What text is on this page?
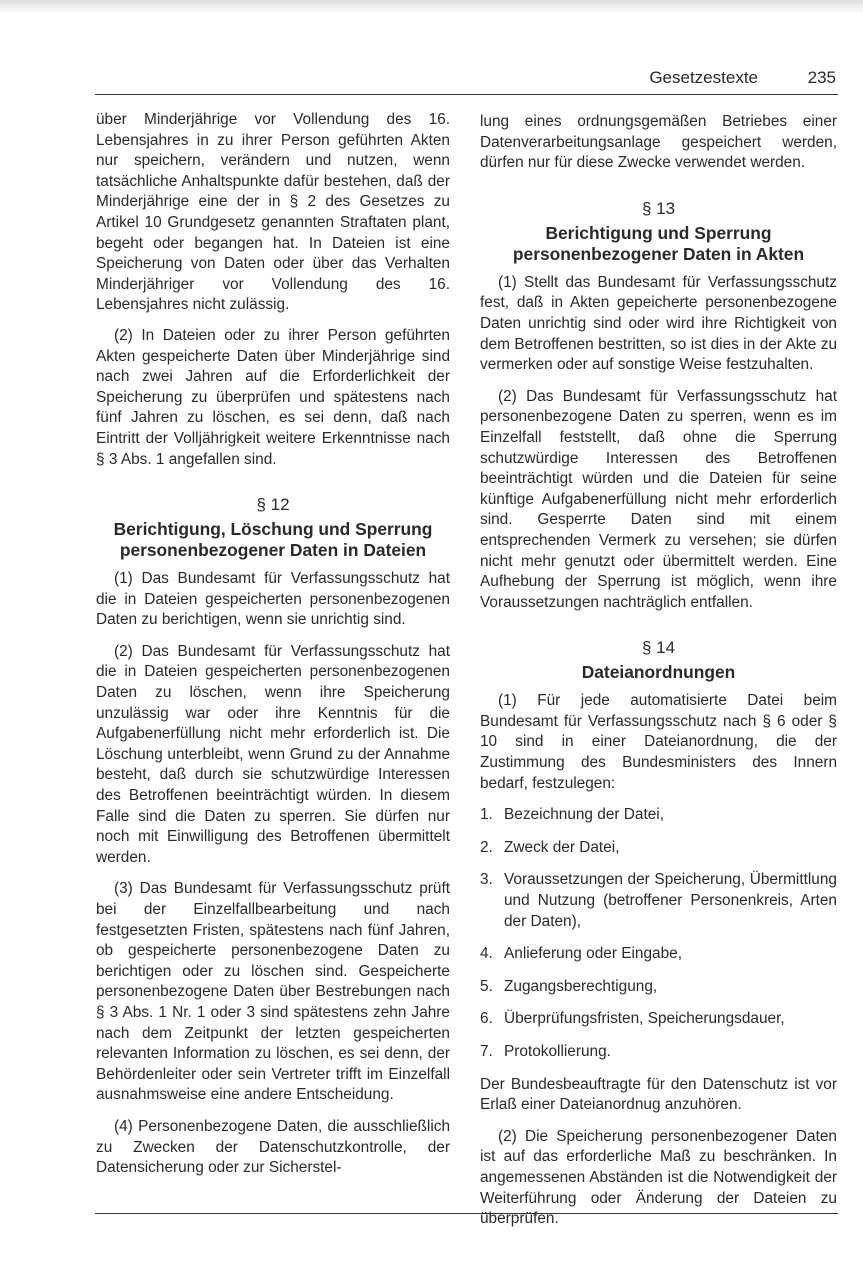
Gesetzestexte	235

über Minderjährige vor Vollendung des 16. Lebensjahres in zu ihrer Person geführten Akten nur speichern, verändern und nutzen, wenn tatsächliche Anhaltspunkte dafür bestehen, daß der Minderjährige eine der in § 2 des Gesetzes zu Artikel 10 Grundgesetz genannten Straftaten plant, begeht oder begangen hat. In Dateien ist eine Speicherung von Daten oder über das Verhalten Minderjähriger vor Vollendung des 16. Lebensjahres nicht zulässig.

(2) In Dateien oder zu ihrer Person geführten Akten gespeicherte Daten über Minderjährige sind nach zwei Jahren auf die Erforderlichkeit der Speicherung zu überprüfen und spätestens nach fünf Jahren zu löschen, es sei denn, daß nach Eintritt der Volljährigkeit weitere Erkenntnisse nach § 3 Abs. 1 angefallen sind.

§ 12
Berichtigung, Löschung und Sperrung personenbezogener Daten in Dateien

(1) Das Bundesamt für Verfassungsschutz hat die in Dateien gespeicherten personenbezogenen Daten zu berichtigen, wenn sie unrichtig sind.

(2) Das Bundesamt für Verfassungsschutz hat die in Dateien gespeicherten personenbezogenen Daten zu löschen, wenn ihre Speicherung unzulässig war oder ihre Kenntnis für die Aufgabenerfüllung nicht mehr erforderlich ist. Die Löschung unterbleibt, wenn Grund zu der Annahme besteht, daß durch sie schutzwürdige Interessen des Betroffenen beeinträchtigt würden. In diesem Falle sind die Daten zu sperren. Sie dürfen nur noch mit Einwilligung des Betroffenen übermittelt werden.

(3) Das Bundesamt für Verfassungsschutz prüft bei der Einzelfallbearbeitung und nach festgesetzten Fristen, spätestens nach fünf Jahren, ob gespeicherte personenbezogene Daten zu berichtigen oder zu löschen sind. Gespeicherte personenbezogene Daten über Bestrebungen nach § 3 Abs. 1 Nr. 1 oder 3 sind spätestens zehn Jahre nach dem Zeitpunkt der letzten gespeicherten relevanten Information zu löschen, es sei denn, der Behördenleiter oder sein Vertreter trifft im Einzelfall ausnahmsweise eine andere Entscheidung.

(4) Personenbezogene Daten, die ausschließlich zu Zwecken der Datenschutzkontrolle, der Datensicherung oder zur Sicherstel-

lung eines ordnungsgemäßen Betriebes einer Datenverarbeitungsanlage gespeichert werden, dürfen nur für diese Zwecke verwendet werden.

§ 13
Berichtigung und Sperrung personenbezogener Daten in Akten

(1) Stellt das Bundesamt für Verfassungsschutz fest, daß in Akten gepeicherte personenbezogene Daten unrichtig sind oder wird ihre Richtigkeit von dem Betroffenen bestritten, so ist dies in der Akte zu vermerken oder auf sonstige Weise festzuhalten.

(2) Das Bundesamt für Verfassungsschutz hat personenbezogene Daten zu sperren, wenn es im Einzelfall feststellt, daß ohne die Sperrung schutzwürdige Interessen des Betroffenen beeinträchtigt würden und die Dateien für seine künftige Aufgabenerfüllung nicht mehr erforderlich sind. Gesperrte Daten sind mit einem entsprechenden Vermerk zu versehen; sie dürfen nicht mehr genutzt oder übermittelt werden. Eine Aufhebung der Sperrung ist möglich, wenn ihre Voraussetzungen nachträglich entfallen.

§ 14
Dateianordnungen

(1) Für jede automatisierte Datei beim Bundesamt für Verfassungsschutz nach § 6 oder § 10 sind in einer Dateianordnung, die der Zustimmung des Bundesministers des Innern bedarf, festzulegen:

1. Bezeichnung der Datei,
2. Zweck der Datei,
3. Voraussetzungen der Speicherung, Übermittlung und Nutzung (betroffener Personenkreis, Arten der Daten),
4. Anlieferung oder Eingabe,
5. Zugangsberechtigung,
6. Überprüfungsfristen, Speicherungsdauer,
7. Protokollierung.

Der Bundesbeauftragte für den Datenschutz ist vor Erlaß einer Dateianordnug anzuhören.

(2) Die Speicherung personenbezogener Daten ist auf das erforderliche Maß zu beschränken. In angemessenen Abständen ist die Notwendigkeit der Weiterführung oder Änderung der Dateien zu überprüfen.
